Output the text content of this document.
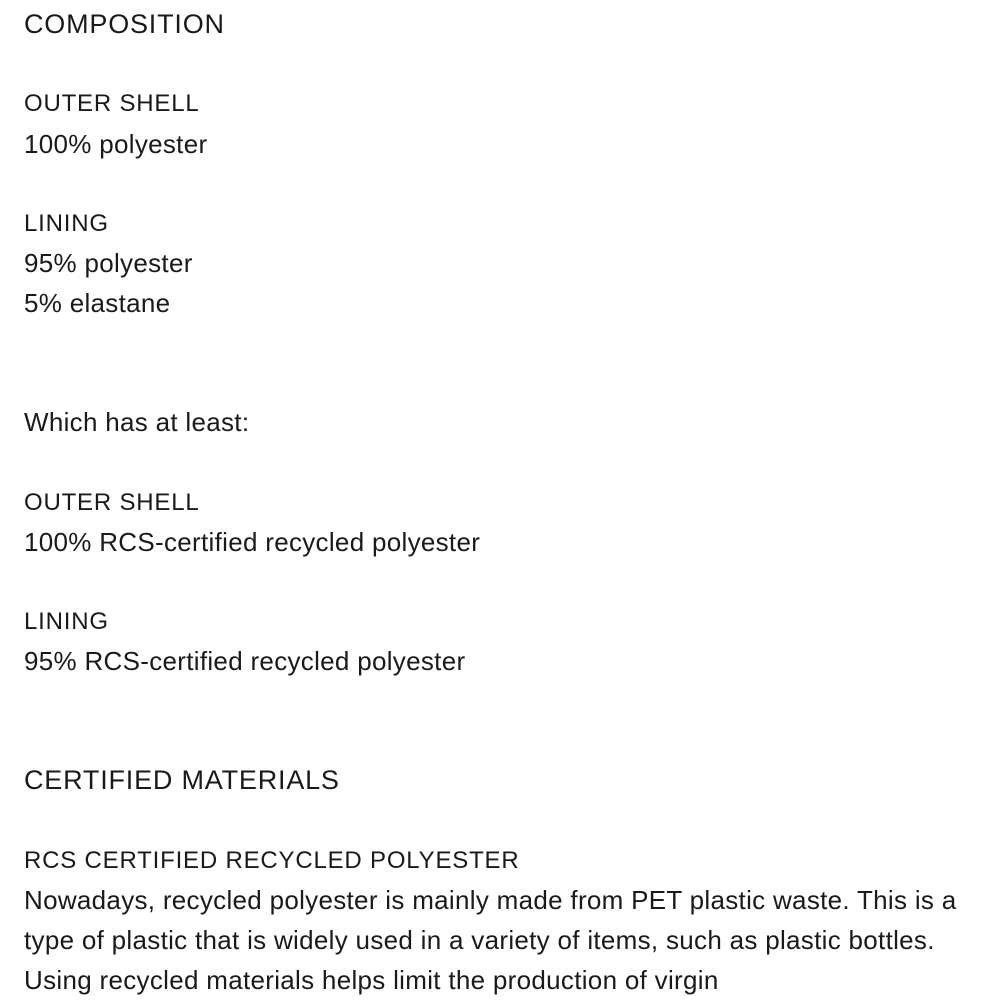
COMPOSITION
OUTER SHELL
100% polyester
LINING
95% polyester
5% elastane
Which has at least:
OUTER SHELL
100% RCS-certified recycled polyester
LINING
95% RCS-certified recycled polyester
CERTIFIED MATERIALS
RCS CERTIFIED RECYCLED POLYESTER
Nowadays, recycled polyester is mainly made from PET plastic waste. This is a type of plastic that is widely used in a variety of items, such as plastic bottles. Using recycled materials helps limit the production of virgin
